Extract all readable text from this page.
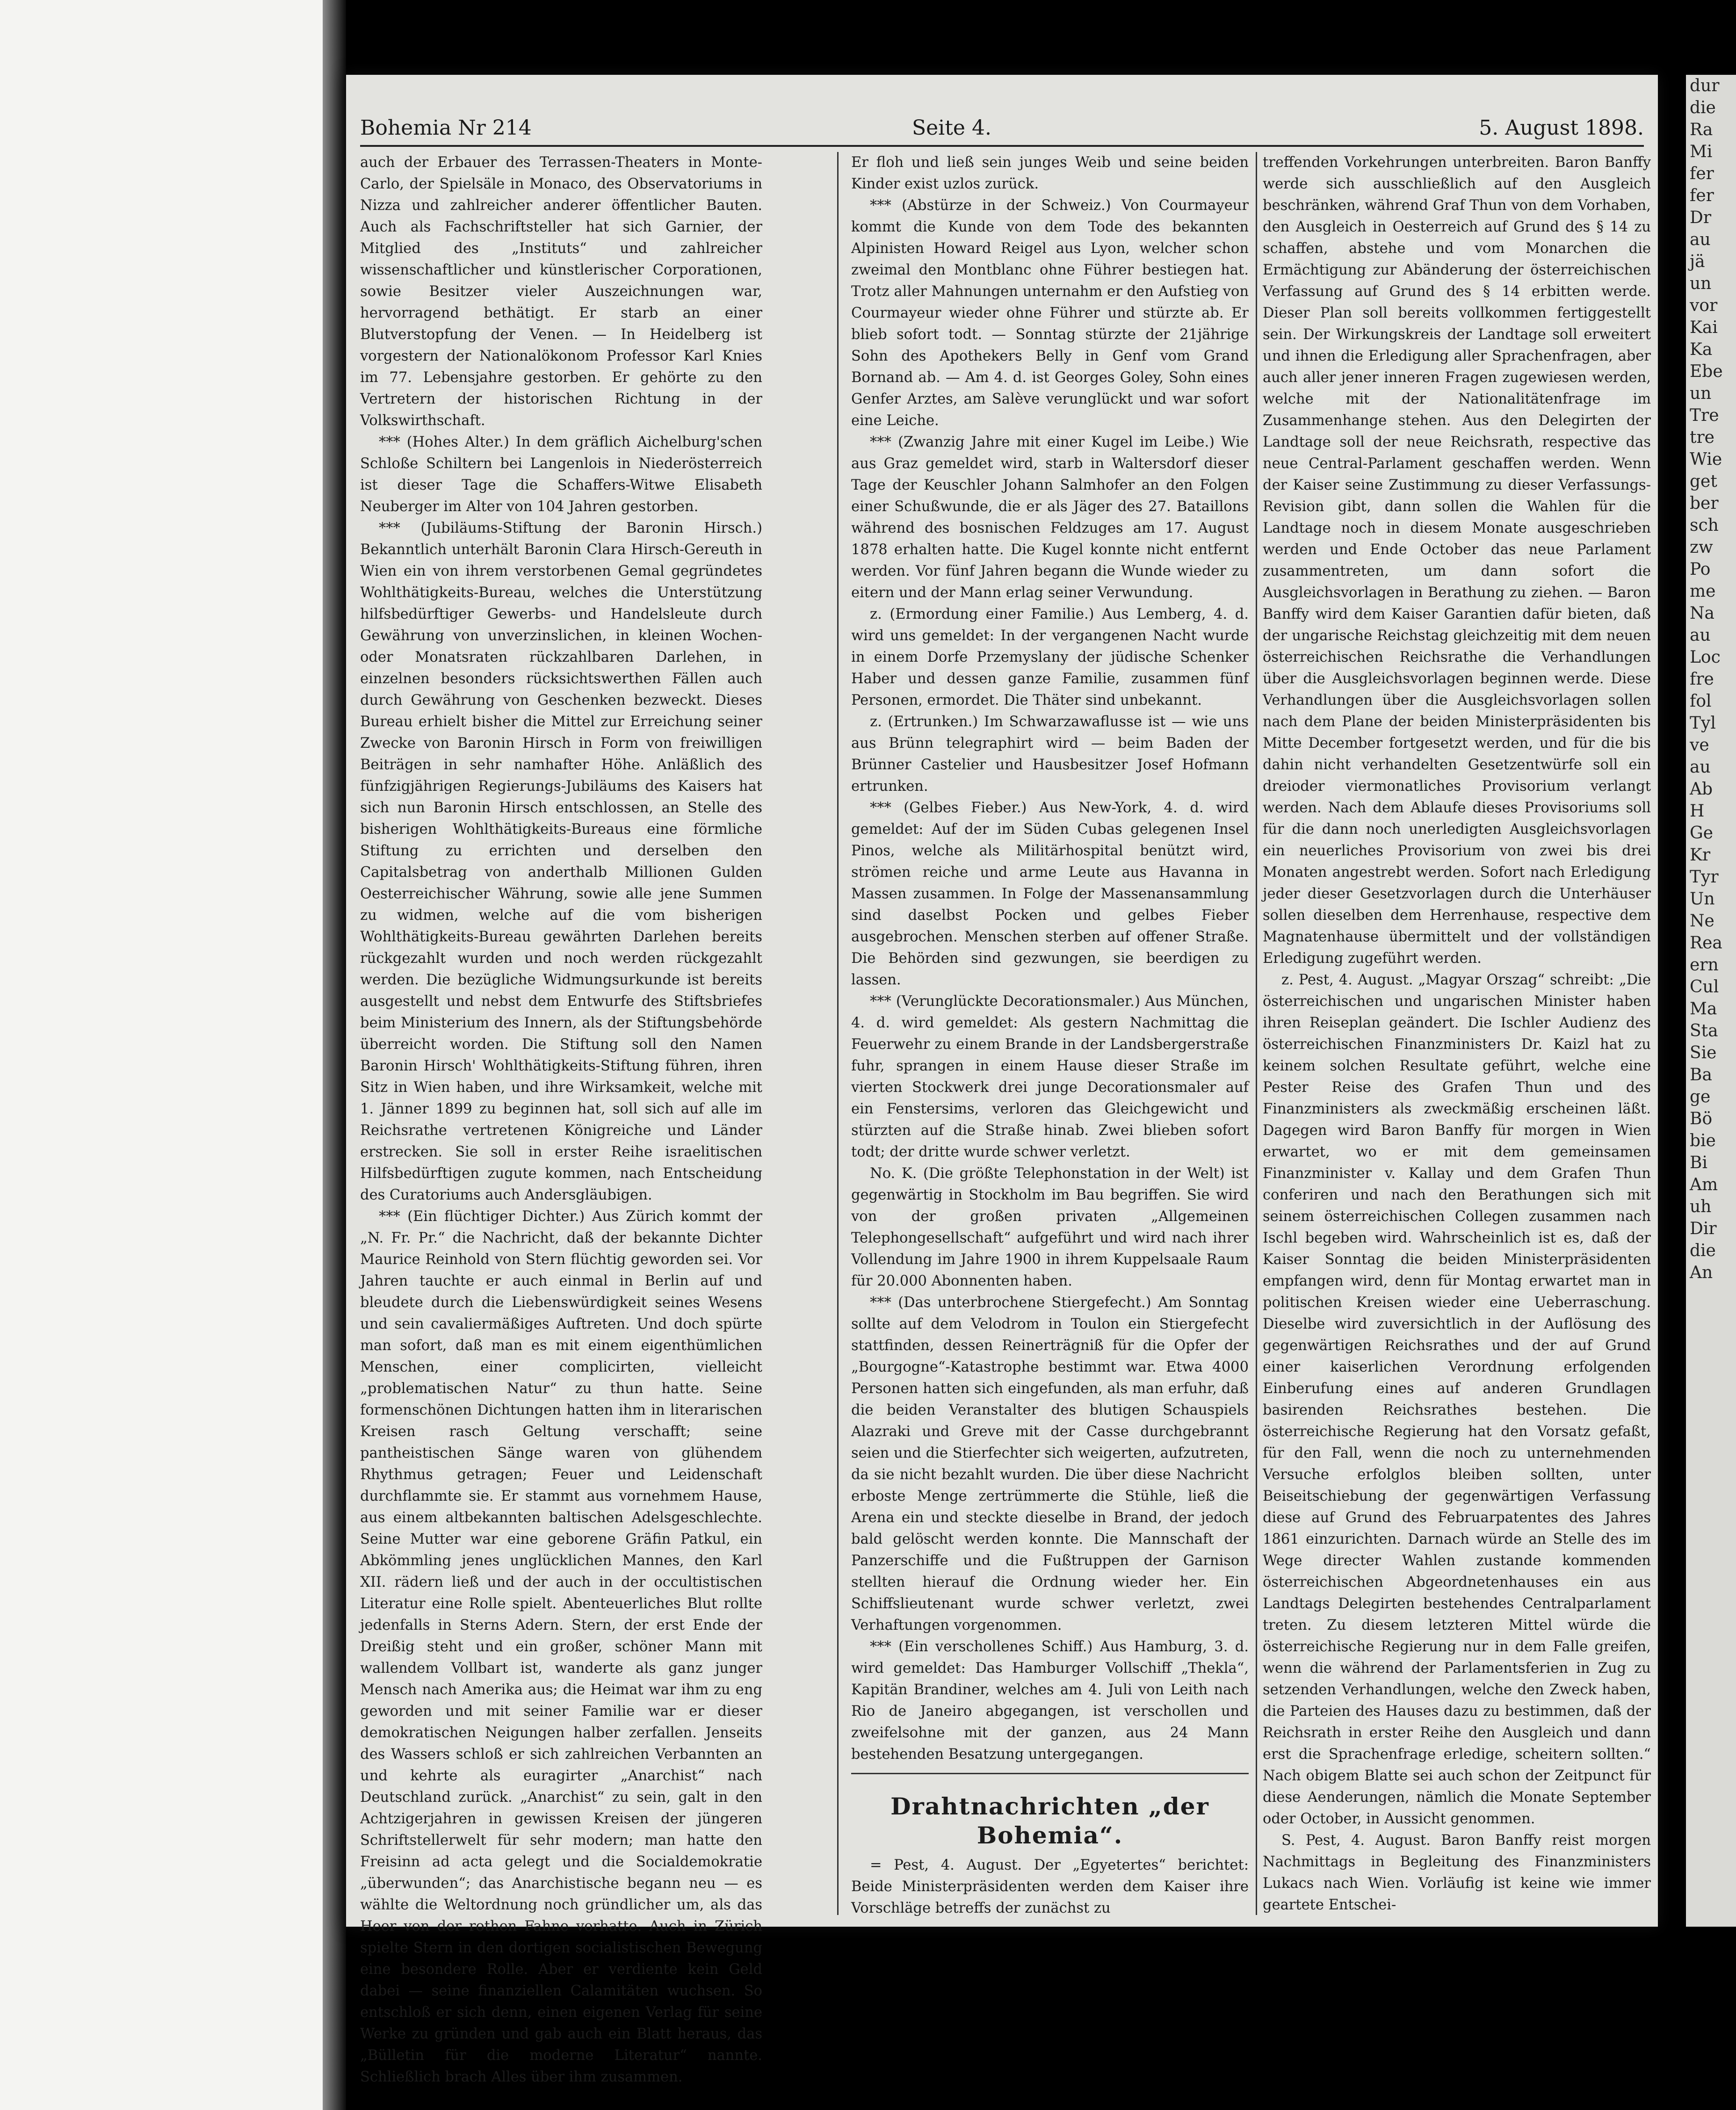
Bohemia Nr 214	Seite 4.	5. August 1898.

auch der Erbauer des Terrassen-Theaters in Monte-Carlo, der Spielsäle in Monaco, des Observatoriums in Nizza und zahlreicher anderer öffentlicher Bauten. Auch als Fachschriftsteller hat sich Garnier, der Mitglied des „Instituts“ und zahlreicher wissenschaftlicher und künstlerischer Corporationen, sowie Besitzer vieler Auszeichnungen war, hervorragend bethätigt. Er starb an einer Blutverstopfung der Venen. — In Heidelberg ist vorgestern der Nationalökonom Professor Karl Knies im 77. Lebensjahre gestorben. Er gehörte zu den Vertretern der historischen Richtung in der Volkswirthschaft.

*** (Hohes Alter.) In dem gräflich Aichelburg'schen Schloße Schiltern bei Langenlois in Niederösterreich ist dieser Tage die Schaffers-Witwe Elisabeth Neuberger im Alter von 104 Jahren gestorben.

*** (Jubiläums-Stiftung der Baronin Hirsch.) Bekanntlich unterhält Baronin Clara Hirsch-Gereuth in Wien ein von ihrem verstorbenen Gemal gegründetes Wohlthätigkeits-Bureau, welches die Unterstützung hilfsbedürftiger Gewerbs- und Handelsleute durch Gewährung von unverzinslichen, in kleinen Wochen- oder Monatsraten rückzahlbaren Darlehen, in einzelnen besonders rücksichtswerthen Fällen auch durch Gewährung von Geschenken bezweckt. Dieses Bureau erhielt bisher die Mittel zur Erreichung seiner Zwecke von Baronin Hirsch in Form von freiwilligen Beiträgen in sehr namhafter Höhe. Anläßlich des fünfzigjährigen Regierungs-Jubiläums des Kaisers hat sich nun Baronin Hirsch entschlossen, an Stelle des bisherigen Wohlthätigkeits-Bureaus eine förmliche Stiftung zu errichten und derselben den Capitalsbetrag von anderthalb Millionen Gulden Oesterreichischer Währung, sowie alle jene Summen zu widmen, welche auf die vom bisherigen Wohlthätigkeits-Bureau gewährten Darlehen bereits rückgezahlt wurden und noch werden rückgezahlt werden. Die bezügliche Widmungsurkunde ist bereits ausgestellt und nebst dem Entwurfe des Stiftsbriefes beim Ministerium des Innern, als der Stiftungsbehörde überreicht worden. Die Stiftung soll den Namen Baronin Hirsch' Wohlthätigkeits-Stiftung führen, ihren Sitz in Wien haben, und ihre Wirksamkeit, welche mit 1. Jänner 1899 zu beginnen hat, soll sich auf alle im Reichsrathe vertretenen Königreiche und Länder erstrecken. Sie soll in erster Reihe israelitischen Hilfsbedürftigen zugute kommen, nach Entscheidung des Curatoriums auch Andersgläubigen.

*** (Ein flüchtiger Dichter.) Aus Zürich kommt der „N. Fr. Pr.“ die Nachricht, daß der bekannte Dichter Maurice Reinhold von Stern flüchtig geworden sei. Vor Jahren tauchte er auch einmal in Berlin auf und bleudete durch die Liebenswürdigkeit seines Wesens und sein cavaliermäßiges Auftreten. Und doch spürte man sofort, daß man es mit einem eigenthümlichen Menschen, einer complicirten, vielleicht „problematischen Natur“ zu thun hatte. Seine formenschönen Dichtungen hatten ihm in literarischen Kreisen rasch Geltung verschafft; seine pantheistischen Sänge waren von glühendem Rhythmus getragen; Feuer und Leidenschaft durchflammte sie. Er stammt aus vornehmem Hause, aus einem altbekannten baltischen Adelsgeschlechte. Seine Mutter war eine geborene Gräfin Patkul, ein Abkömmling jenes unglücklichen Mannes, den Karl XII. rädern ließ und der auch in der occultistischen Literatur eine Rolle spielt. Abenteuerliches Blut rollte jedenfalls in Sterns Adern. Stern, der erst Ende der Dreißig steht und ein großer, schöner Mann mit wallendem Vollbart ist, wanderte als ganz junger Mensch nach Amerika aus; die Heimat war ihm zu eng geworden und mit seiner Familie war er dieser demokratischen Neigungen halber zerfallen. Jenseits des Wassers schloß er sich zahlreichen Verbannten an und kehrte als euragirter „Anarchist“ nach Deutschland zurück. „Anarchist“ zu sein, galt in den Achtzigerjahren in gewissen Kreisen der jüngeren Schriftstellerwelt für sehr modern; man hatte den Freisinn ad acta gelegt und die Socialdemokratie „überwunden“; das Anarchistische begann neu — es wählte die Weltordnung noch gründlicher um, als das Heer von der rothen Fahne vorhatte. Auch in Zürich spielte Stern in den dortigen socialistischen Bewegung eine besondere Rolle. Aber er verdiente kein Geld dabei — seine finanziellen Calamitäten wuchsen. So entschloß er sich denn, einen eigenen Verlag für seine Werke zu gründen und gab auch ein Blatt heraus, das „Bülletin für die moderne Literatur“ nannte. Schließlich brach Alles über ihm zusammen.

Er floh und ließ sein junges Weib und seine beiden Kinder exist uzlos zurück.

*** (Abstürze in der Schweiz.) Von Courmayeur kommt die Kunde von dem Tode des bekannten Alpinisten Howard Reigel aus Lyon, welcher schon zweimal den Montblanc ohne Führer bestiegen hat. Trotz aller Mahnungen unternahm er den Aufstieg von Courmayeur wieder ohne Führer und stürzte ab. Er blieb sofort todt. — Sonntag stürzte der 21jährige Sohn des Apothekers Belly in Genf vom Grand Bornand ab. — Am 4. d. ist Georges Goley, Sohn eines Genfer Arztes, am Salève verunglückt und war sofort eine Leiche.

*** (Zwanzig Jahre mit einer Kugel im Leibe.) Wie aus Graz gemeldet wird, starb in Waltersdorf dieser Tage der Keuschler Johann Salmhofer an den Folgen einer Schußwunde, die er als Jäger des 27. Bataillons während des bosnischen Feldzuges am 17. August 1878 erhalten hatte. Die Kugel konnte nicht entfernt werden. Vor fünf Jahren begann die Wunde wieder zu eitern und der Mann erlag seiner Verwundung.

z. (Ermordung einer Familie.) Aus Lemberg, 4. d. wird uns gemeldet: In der vergangenen Nacht wurde in einem Dorfe Przemyslany der jüdische Schenker Haber und dessen ganze Familie, zusammen fünf Personen, ermordet. Die Thäter sind unbekannt.

z. (Ertrunken.) Im Schwarzawaflusse ist — wie uns aus Brünn telegraphirt wird — beim Baden der Brünner Castelier und Hausbesitzer Josef Hofmann ertrunken.

*** (Gelbes Fieber.) Aus New-York, 4. d. wird gemeldet: Auf der im Süden Cubas gelegenen Insel Pinos, welche als Militärhospital benützt wird, strömen reiche und arme Leute aus Havanna in Massen zusammen. In Folge der Massenansammlung sind daselbst Pocken und gelbes Fieber ausgebrochen. Menschen sterben auf offener Straße. Die Behörden sind gezwungen, sie beerdigen zu lassen.

*** (Verunglückte Decorationsmaler.) Aus München, 4. d. wird gemeldet: Als gestern Nachmittag die Feuerwehr zu einem Brande in der Landsbergerstraße fuhr, sprangen in einem Hause dieser Straße im vierten Stockwerk drei junge Decorationsmaler auf ein Fenstersims, verloren das Gleichgewicht und stürzten auf die Straße hinab. Zwei blieben sofort todt; der dritte wurde schwer verletzt.

No. K. (Die größte Telephonstation in der Welt) ist gegenwärtig in Stockholm im Bau begriffen. Sie wird von der großen privaten „Allgemeinen Telephongesellschaft“ aufgeführt und wird nach ihrer Vollendung im Jahre 1900 in ihrem Kuppelsaale Raum für 20.000 Abonnenten haben.

*** (Das unterbrochene Stiergefecht.) Am Sonntag sollte auf dem Velodrom in Toulon ein Stiergefecht stattfinden, dessen Reinerträgniß für die Opfer der „Bourgogne“-Katastrophe bestimmt war. Etwa 4000 Personen hatten sich eingefunden, als man erfuhr, daß die beiden Veranstalter des blutigen Schauspiels Alazraki und Greve mit der Casse durchgebrannt seien und die Stierfechter sich weigerten, aufzutreten, da sie nicht bezahlt wurden. Die über diese Nachricht erboste Menge zertrümmerte die Stühle, ließ die Arena ein und steckte dieselbe in Brand, der jedoch bald gelöscht werden konnte. Die Mannschaft der Panzerschiffe und die Fußtruppen der Garnison stellten hierauf die Ordnung wieder her. Ein Schiffslieutenant wurde schwer verletzt, zwei Verhaftungen vorgenommen.

*** (Ein verschollenes Schiff.) Aus Hamburg, 3. d. wird gemeldet: Das Hamburger Vollschiff „Thekla“, Kapitän Brandiner, welches am 4. Juli von Leith nach Rio de Janeiro abgegangen, ist verschollen und zweifelsohne mit der ganzen, aus 24 Mann bestehenden Besatzung untergegangen.

Drahtnachrichten „der Bohemia“.

= Pest, 4. August. Der „Egyetertes“ berichtet: Beide Ministerpräsidenten werden dem Kaiser ihre Vorschläge betreffs der zunächst zu

treffenden Vorkehrungen unterbreiten. Baron Banffy werde sich ausschließlich auf den Ausgleich beschränken, während Graf Thun von dem Vorhaben, den Ausgleich in Oesterreich auf Grund des § 14 zu schaffen, abstehe und vom Monarchen die Ermächtigung zur Abänderung der österreichischen Verfassung auf Grund des § 14 erbitten werde. Dieser Plan soll bereits vollkommen fertiggestellt sein. Der Wirkungskreis der Landtage soll erweitert und ihnen die Erledigung aller Sprachenfragen, aber auch aller jener inneren Fragen zugewiesen werden, welche mit der Nationalitätenfrage im Zusammenhange stehen. Aus den Delegirten der Landtage soll der neue Reichsrath, respective das neue Central-Parlament geschaffen werden. Wenn der Kaiser seine Zustimmung zu dieser Verfassungs-Revision gibt, dann sollen die Wahlen für die Landtage noch in diesem Monate ausgeschrieben werden und Ende October das neue Parlament zusammentreten, um dann sofort die Ausgleichsvorlagen in Berathung zu ziehen. — Baron Banffy wird dem Kaiser Garantien dafür bieten, daß der ungarische Reichstag gleichzeitig mit dem neuen österreichischen Reichsrathe die Verhandlungen über die Ausgleichsvorlagen beginnen werde. Diese Verhandlungen über die Ausgleichsvorlagen sollen nach dem Plane der beiden Ministerpräsidenten bis Mitte December fortgesetzt werden, und für die bis dahin nicht verhandelten Gesetzentwürfe soll ein dreioder viermonatliches Provisorium verlangt werden. Nach dem Ablaufe dieses Provisoriums soll für die dann noch unerledigten Ausgleichsvorlagen ein neuerliches Provisorium von zwei bis drei Monaten angestrebt werden. Sofort nach Erledigung jeder dieser Gesetzvorlagen durch die Unterhäuser sollen dieselben dem Herrenhause, respective dem Magnatenhause übermittelt und der vollständigen Erledigung zugeführt werden.

z. Pest, 4. August. „Magyar Orszag“ schreibt: „Die österreichischen und ungarischen Minister haben ihren Reiseplan geändert. Die Ischler Audienz des österreichischen Finanzministers Dr. Kaizl hat zu keinem solchen Resultate geführt, welche eine Pester Reise des Grafen Thun und des Finanzministers als zweckmäßig erscheinen läßt. Dagegen wird Baron Banffy für morgen in Wien erwartet, wo er mit dem gemeinsamen Finanzminister v. Kallay und dem Grafen Thun conferiren und nach den Berathungen sich mit seinem österreichischen Collegen zusammen nach Ischl begeben wird. Wahrscheinlich ist es, daß der Kaiser Sonntag die beiden Ministerpräsidenten empfangen wird, denn für Montag erwartet man in politischen Kreisen wieder eine Ueberraschung. Dieselbe wird zuversichtlich in der Auflösung des gegenwärtigen Reichsrathes und der auf Grund einer kaiserlichen Verordnung erfolgenden Einberufung eines auf anderen Grundlagen basirenden Reichsrathes bestehen. Die österreichische Regierung hat den Vorsatz gefaßt, für den Fall, wenn die noch zu unternehmenden Versuche erfolglos bleiben sollten, unter Beiseitschiebung der gegenwärtigen Verfassung diese auf Grund des Februarpatentes des Jahres 1861 einzurichten. Darnach würde an Stelle des im Wege directer Wahlen zustande kommenden österreichischen Abgeordnetenhauses ein aus Landtags Delegirten bestehendes Centralparlament treten. Zu diesem letzteren Mittel würde die österreichische Regierung nur in dem Falle greifen, wenn die während der Parlamentsferien in Zug zu setzenden Verhandlungen, welche den Zweck haben, die Parteien des Hauses dazu zu bestimmen, daß der Reichsrath in erster Reihe den Ausgleich und dann erst die Sprachenfrage erledige, scheitern sollten.“ Nach obigem Blatte sei auch schon der Zeitpunct für diese Aenderungen, nämlich die Monate September oder October, in Aussicht genommen.

S. Pest, 4. August. Baron Banffy reist morgen Nachmittags in Begleitung des Finanzministers Lukacs nach Wien. Vorläufig ist keine wie immer geartete Entschei-

dur
die
Ra
Mi
fer
fer
Dr
au
jä
un
vor
Kai
Ka
Ebe
un
Tre
tre
Wie
get
ber
sch
zw
Po
me
Na
au
Loc
fre
fol
Tyl
ve
au
Ab
H
Ge
Kr
Tyr
Un
Ne
Rea
ern
Cul
Ma
Sta
Sie
Ba
ge
Bö
bie
Bi
Am
uh
Dir
die
An
